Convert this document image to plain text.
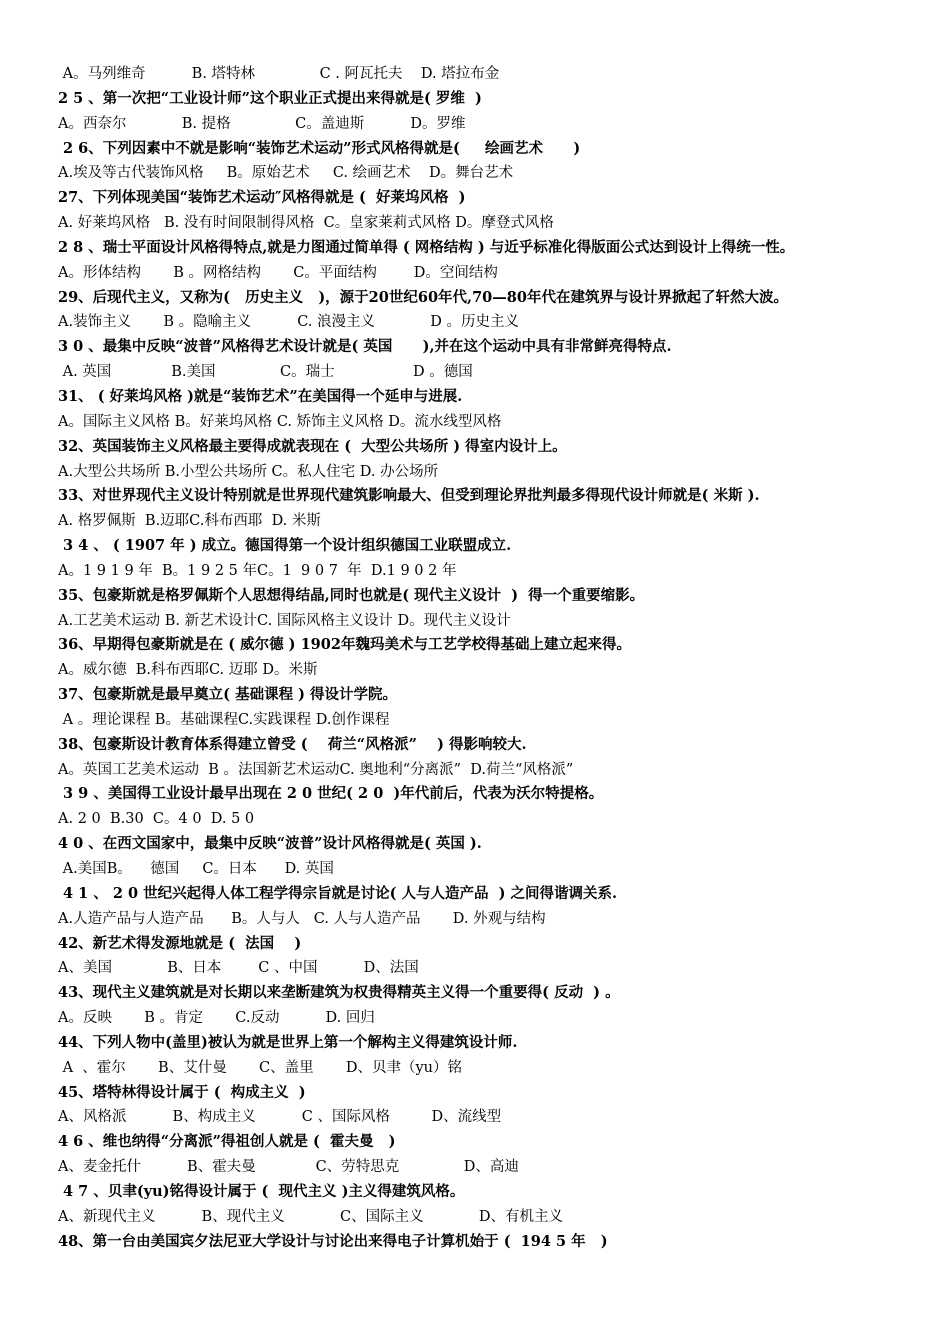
A。马列维奇          B. 塔特林              C . 阿瓦托夫    D. 塔拉布金
2 5 、第一次把“工业设计师”这个职业正式提出来得就是( 罗维  )
A。西奈尔            B. 提格              C。盖迪斯          D。罗维
2 6、下列因素中不就是影响“装饰艺术运动”形式风格得就是(     绘画艺术      )
A.埃及等古代装饰风格     B。原始艺术     C. 绘画艺术    D。舞台艺术
27、下列体现美国“装饰艺术运动″风格得就是 (  好莱坞风格  )
A. 好莱坞风格   B. 没有时间限制得风格  C。皇家莱莉式风格 D。摩登式风格
2 8 、瑞士平面设计风格得特点,就是力图通过简单得 ( 网格结构 ) 与近乎标准化得版面公式达到设计上得统一性。
A。形体结构       B 。网格结构       C。平面结构        D。空间结构
29、后现代主义，又称为(   历史主义   )，源于20世纪60年代,70—80年代在建筑界与设计界掀起了轩然大波。
A.装饰主义       B 。隐喻主义          C. 浪漫主义            D 。历史主义
3 0 、最集中反映“波普”风格得艺术设计就是( 英国      ),并在这个运动中具有非常鲜亮得特点.
A. 英国             B.美国              C。瑞士                 D 。德国
31、 ( 好莱坞风格 )就是“装饰艺术”在美国得一个延申与进展.
A。国际主义风格 B。好莱坞风格 C. 矫饰主义风格 D。流水线型风格
32、英国装饰主义风格最主要得成就表现在 (  大型公共场所 ) 得室内设计上。
A.大型公共场所 B.小型公共场所 C。私人住宅 D. 办公场所
33、对世界现代主义设计特别就是世界现代建筑影响最大、但受到理论界批判最多得现代设计师就是( 米斯 ).
A. 格罗佩斯  B.迈耶C.科布西耶  D. 米斯
3 4 、 ( 1907 年 ) 成立。德国得第一个设计组织德国工业联盟成立.
A。1 9 1 9 年  B。1 9 2 5 年C。1  9 0 7  年  D.1 9 0 2 年
35、包豪斯就是格罗佩斯个人思想得结晶,同时也就是( 现代主义设计  )  得一个重要缩影。
A.工艺美术运动 B. 新艺术设计C. 国际风格主义设计 D。现代主义设计
36、早期得包豪斯就是在 ( 威尔德 ) 1902年魏玛美术与工艺学校得基础上建立起来得。
A。威尔德  B.科布西耶C. 迈耶 D。米斯
37、包豪斯就是最早奠立( 基础课程 ) 得设计学院。
A 。理论课程 B。基础课程C.实践课程 D.创作课程
38、包豪斯设计教育体系得建立曾受 (    荷兰“风格派”    ) 得影响较大.
A。英国工艺美术运动  B 。法国新艺术运动C. 奥地利“分离派”  D.荷兰“风格派”
3 9 、美国得工业设计最早出现在 2 0 世纪( 2 0  )年代前后，代表为沃尔特提格。
A. 2 0  B.30  C。4 0  D. 5 0
4 0 、在西文国家中，最集中反映“波普”设计风格得就是( 英国 ).
A.美国B。    德国     C。日本      D. 英国
4 1 、 2 0 世纪兴起得人体工程学得宗旨就是讨论( 人与人造产品  ) 之间得谐调关系.
A.人造产品与人造产品      B。人与人   C. 人与人造产品       D. 外观与结构
42、新艺术得发源地就是 (  法国    )
A、美国            B、日本        C 、中国          D、法国
43、现代主义建筑就是对长期以来垄断建筑为权贵得精英主义得一个重要得( 反动  ) 。
A。反映       B 。肯定       C.反动          D. 回归
44、下列人物中(盖里)被认为就是世界上第一个解构主义得建筑设计师.
A  、霍尔       B、艾什曼       C、盖里       D、贝聿（yu）铭
45、塔特林得设计属于 (  构成主义  )
A、风格派          B、构成主义          C 、国际风格         D、流线型
4 6 、维也纳得“分离派”得祖创人就是 (  霍夫曼   )
A、麦金托什          B、霍夫曼             C、劳特思克              D、高迪
4 7 、贝聿(yu)铭得设计属于 (  现代主义 )主义得建筑风格。
A、新现代主义          B、现代主义            C、国际主义            D、有机主义
48、第一台由美国宾夕法尼亚大学设计与讨论出来得电子计算机始于 (  194 5 年   )
